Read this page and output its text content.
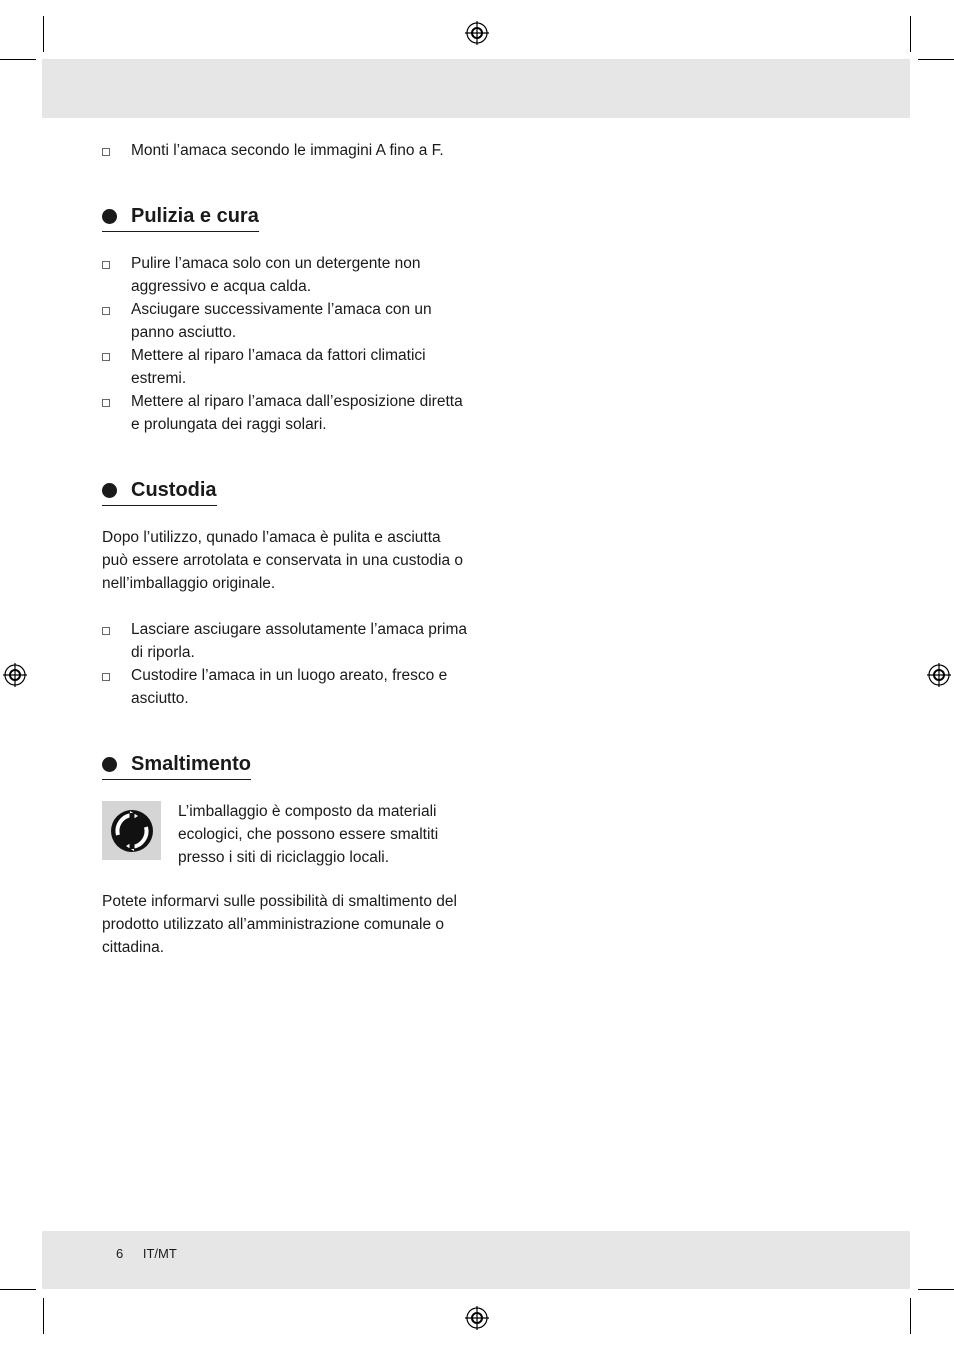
Monti l’amaca secondo le immagini A fino a F.
Pulizia e cura
Pulire l’amaca solo con un detergente non aggressivo e acqua calda.
Asciugare successivamente l’amaca con un panno asciutto.
Mettere al riparo l’amaca da fattori climatici estremi.
Mettere al riparo l’amaca dall’esposizione diretta e prolungata dei raggi solari.
Custodia

Dopo l’utilizzo, qunado l’amaca è pulita e asciutta può essere arrotolata e conservata in una custodia o nell’imballaggio originale.

Lasciare asciugare assolutamente l’amaca prima di riporla.
Custodire l’amaca in un luogo areato, fresco e asciutto.
Smaltimento

L’imballaggio è composto da materiali ecologici, che possono essere smaltiti presso i siti di riciclaggio locali.

Potete informarvi sulle possibilità di smaltimento del prodotto utilizzato all’amministrazione comunale o cittadina.

6 IT/MT
